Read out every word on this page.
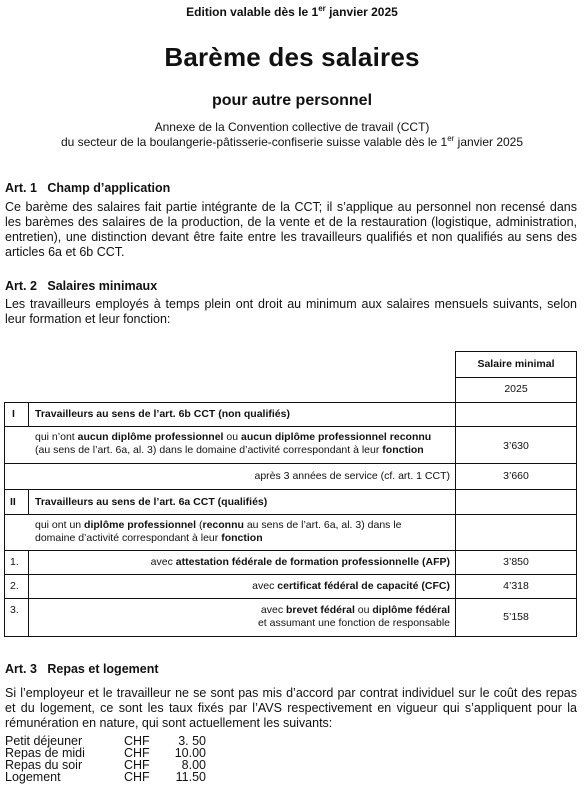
Edition valable dès le 1er janvier 2025
Barème des salaires
pour autre personnel
Annexe de la Convention collective de travail (CCT)
du secteur de la boulangerie-pâtisserie-confiserie suisse valable dès le 1er janvier 2025
Art. 1   Champ d’application
Ce barème des salaires fait partie intégrante de la CCT; il s’applique au personnel non recensé dans les barèmes des salaires de la production, de la vente et de la restauration (logistique, administration, entretien), une distinction devant être faite entre les travailleurs qualifiés et non qualifiés au sens des articles 6a et 6b CCT.
Art. 2   Salaires minimaux
Les travailleurs employés à temps plein ont droit au minimum aux salaires mensuels suivants, selon leur formation et leur fonction:
Salaire minimal
2025
I Travailleurs au sens de l’art. 6b CCT (non qualifiés)
qui n’ont aucun diplôme professionnel ou aucun diplôme professionnel reconnu
(au sens de l’art. 6a, al. 3) dans le domaine d’activité correspondant à leur fonction	3’630
après 3 années de service (cf. art. 1 CCT)	3’660
II Travailleurs au sens de l’art. 6a CCT (qualifiés)
qui ont un diplôme professionnel (reconnu au sens de l’art. 6a, al. 3) dans le
domaine d’activité correspondant à leur fonction
1.	avec attestation fédérale de formation professionnelle (AFP)	3’850
2.	avec certificat fédéral de capacité (CFC)	4’318
3.	avec brevet fédéral ou diplôme fédéral
et assumant une fonction de responsable	5’158
Art. 3   Repas et logement
Si l’employeur et le travailleur ne se sont pas mis d’accord par contrat individuel sur le coût des repas et du logement, ce sont les taux fixés par l’AVS respectivement en vigueur qui s’appliquent pour la rémunération en nature, qui sont actuellement les suivants:
Petit déjeuner	CHF	3. 50
Repas de midi	CHF	10.00
Repas du soir	CHF	8.00
Logement	CHF	11.50
